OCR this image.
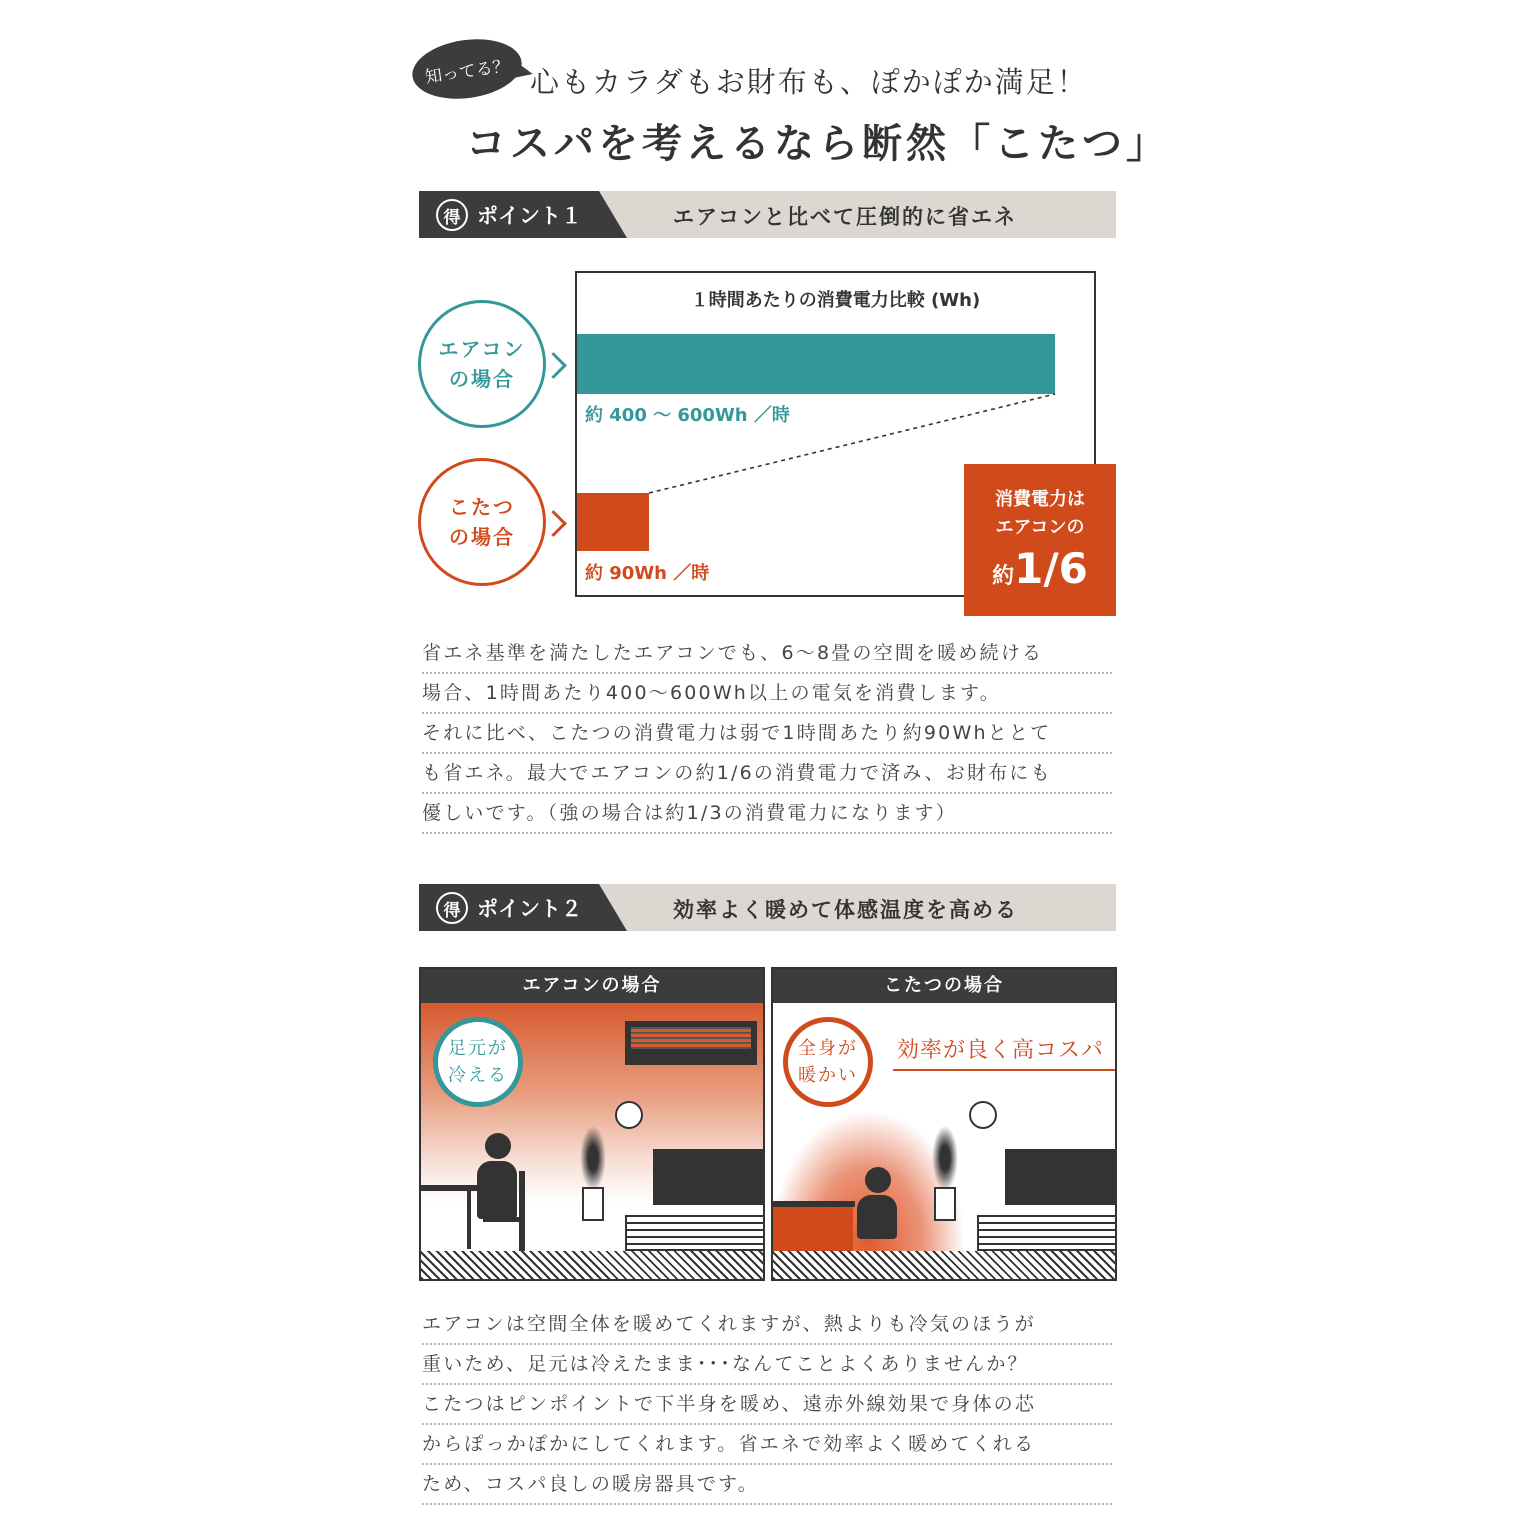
知ってる？ 心もカラダもお財布も、ぽかぽか満足！
コスパを考えるなら断然「こたつ」
得 ポイント１	エアコンと比べて圧倒的に省エネ
１時間あたりの消費電力比較 (Wh)
約 400 〜 600Wh ／時
約 90Wh ／時
エアコン
の場合
こたつ
の場合
消費電力は
エアコンの
約1/6
省エネ基準を満たしたエアコンでも、6〜8畳の空間を暖め続ける
場合、1時間あたり400〜600Wh以上の電気を消費します。
それに比べ、こたつの消費電力は弱で1時間あたり約90Whととて
も省エネ。最大でエアコンの約1/6の消費電力で済み、お財布にも
優しいです。（強の場合は約1/3の消費電力になります）
得 ポイント２	効率よく暖めて体感温度を高める
足元が
冷える
エアコンの場合
全身が
暖かい
効率が良く高コスパ
こたつの場合
エアコンは空間全体を暖めてくれますが、熱よりも冷気のほうが
重いため、足元は冷えたまま･･･なんてことよくありませんか？
こたつはピンポイントで下半身を暖め、遠赤外線効果で身体の芯
からぽっかぽかにしてくれます。省エネで効率よく暖めてくれる
ため、コスパ良しの暖房器具です。
